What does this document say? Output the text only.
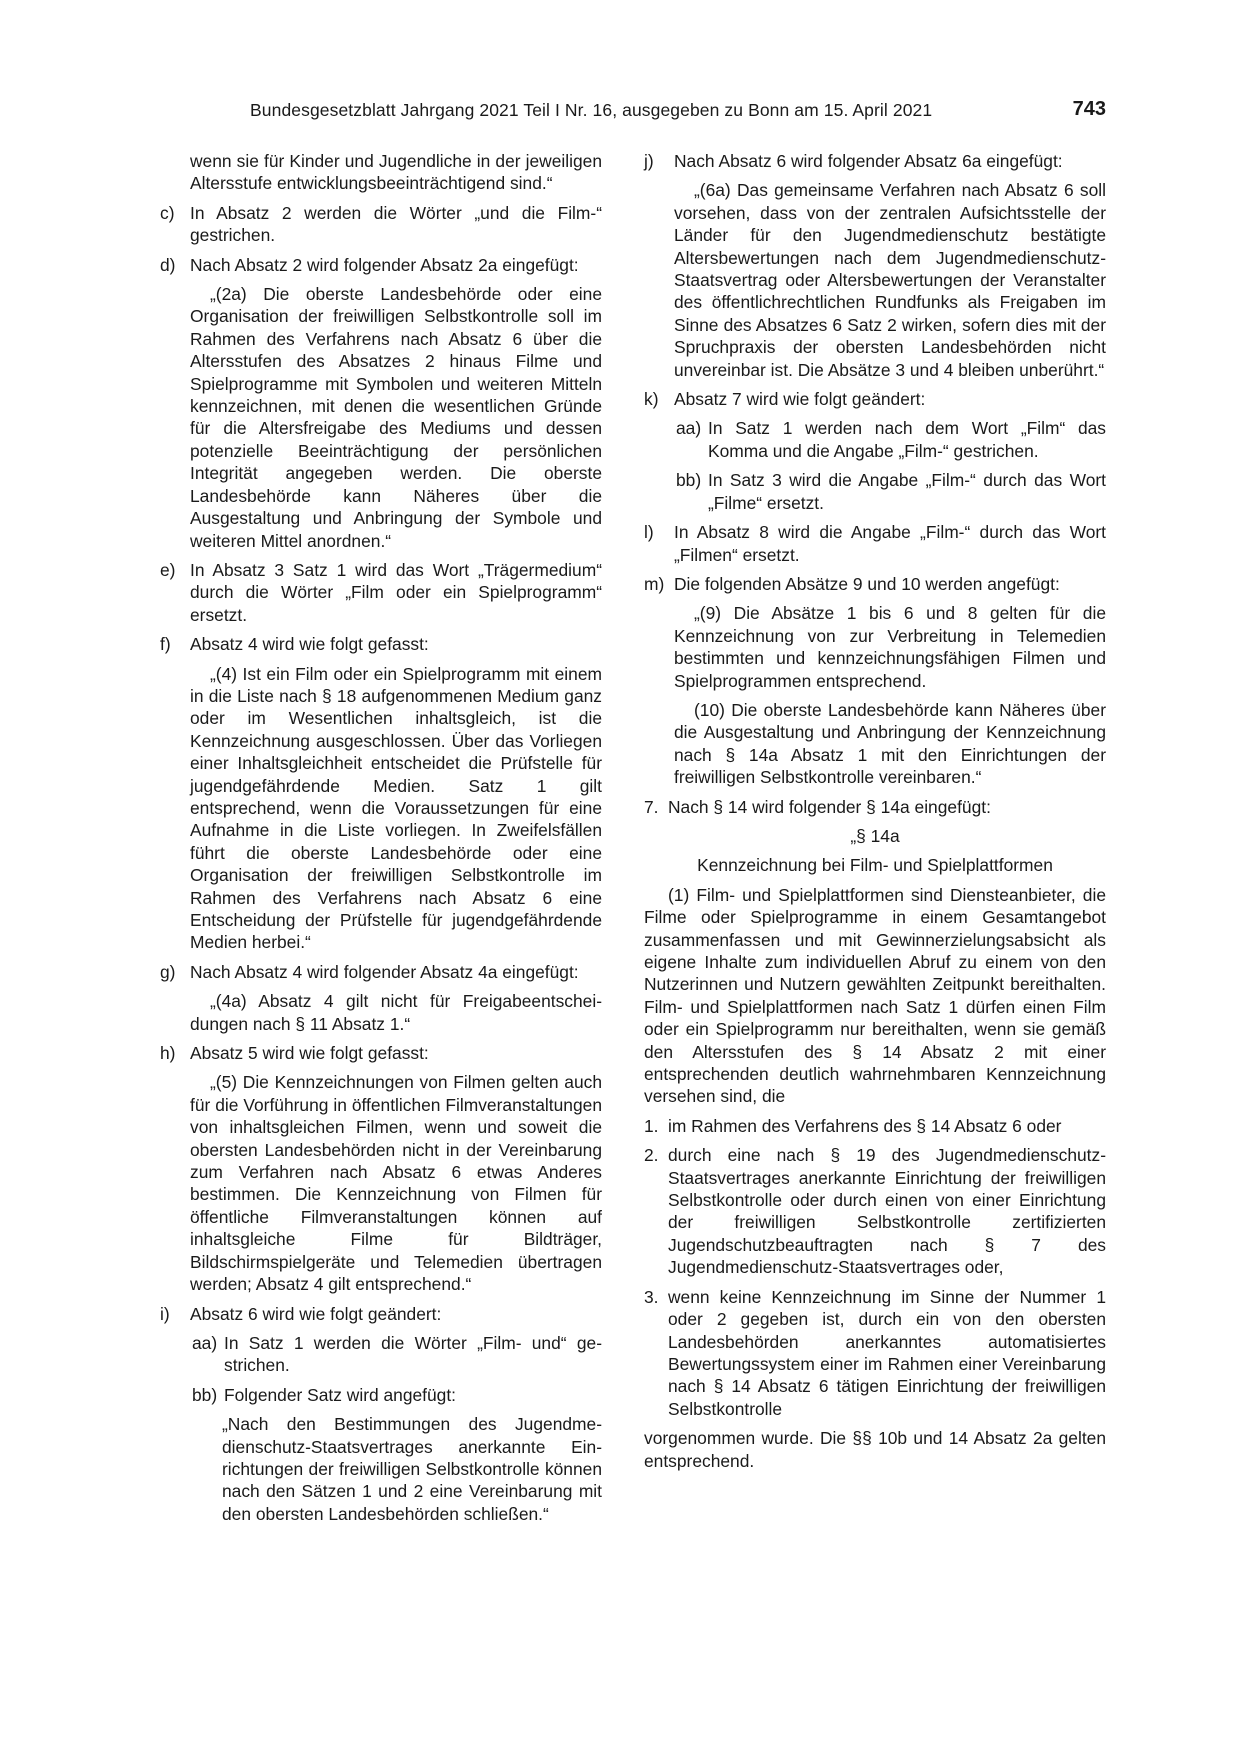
Bundesgesetzblatt Jahrgang 2021 Teil I Nr. 16, ausgegeben zu Bonn am 15. April 2021	743

wenn sie für Kinder und Jugendliche in der jeweiligen Altersstufe entwicklungsbeeinträchtigend sind.“

c) In Absatz 2 werden die Wörter „und die Film-“ gestrichen.

d) Nach Absatz 2 wird folgender Absatz 2a eingefügt:

„(2a) Die oberste Landesbehörde oder eine Organisation der freiwilligen Selbstkontrolle soll im Rahmen des Verfahrens nach Absatz 6 über die Altersstufen des Absatzes 2 hinaus Filme und Spielprogramme mit Symbolen und weiteren Mitteln kennzeichnen, mit denen die wesentlichen Gründe für die Altersfreigabe des Mediums und dessen potenzielle Beeinträchtigung der persönlichen Integrität angegeben werden. Die oberste Landesbehörde kann Näheres über die Ausgestaltung und Anbringung der Symbole und weiteren Mittel anordnen.“

e) In Absatz 3 Satz 1 wird das Wort „Trägermedium“ durch die Wörter „Film oder ein Spielprogramm“ ersetzt.

f) Absatz 4 wird wie folgt gefasst:

„(4) Ist ein Film oder ein Spielprogramm mit einem in die Liste nach § 18 aufgenommenen Medium ganz oder im Wesentlichen inhaltsgleich, ist die Kennzeichnung ausgeschlossen. Über das Vorliegen einer Inhaltsgleichheit entscheidet die Prüfstelle für jugendgefährdende Medien. Satz 1 gilt entsprechend, wenn die Voraussetzungen für eine Aufnahme in die Liste vorliegen. In Zweifelsfällen führt die oberste Landesbehörde oder eine Organisation der freiwilligen Selbstkontrolle im Rahmen des Verfahrens nach Absatz 6 eine Entscheidung der Prüfstelle für jugendgefährdende Medien herbei.“

g) Nach Absatz 4 wird folgender Absatz 4a eingefügt:

„(4a) Absatz 4 gilt nicht für Freigabeentscheidungen nach § 11 Absatz 1.“

h) Absatz 5 wird wie folgt gefasst:

„(5) Die Kennzeichnungen von Filmen gelten auch für die Vorführung in öffentlichen Filmveranstaltungen von inhaltsgleichen Filmen, wenn und soweit die obersten Landesbehörden nicht in der Vereinbarung zum Verfahren nach Absatz 6 etwas Anderes bestimmen. Die Kennzeichnung von Filmen für öffentliche Filmveranstaltungen können auf inhaltsgleiche Filme für Bildträger, Bildschirmspielgeräte und Telemedien übertragen werden; Absatz 4 gilt entsprechend.“

i) Absatz 6 wird wie folgt geändert:

aa) In Satz 1 werden die Wörter „Film- und“ gestrichen.

bb) Folgender Satz wird angefügt:

„Nach den Bestimmungen des Jugendmedienschutz-Staatsvertrages anerkannte Einrichtungen der freiwilligen Selbstkontrolle können nach den Sätzen 1 und 2 eine Vereinbarung mit den obersten Landesbehörden schließen.“

j) Nach Absatz 6 wird folgender Absatz 6a eingefügt:

„(6a) Das gemeinsame Verfahren nach Absatz 6 soll vorsehen, dass von der zentralen Aufsichtsstelle der Länder für den Jugendmedienschutz bestätigte Altersbewertungen nach dem Jugendmedienschutz-Staatsvertrag oder Altersbewertungen der Veranstalter des öffentlichrechtlichen Rundfunks als Freigaben im Sinne des Absatzes 6 Satz 2 wirken, sofern dies mit der Spruchpraxis der obersten Landesbehörden nicht unvereinbar ist. Die Absätze 3 und 4 bleiben unberührt.“

k) Absatz 7 wird wie folgt geändert:

aa) In Satz 1 werden nach dem Wort „Film“ das Komma und die Angabe „Film-“ gestrichen.

bb) In Satz 3 wird die Angabe „Film-“ durch das Wort „Filme“ ersetzt.

l) In Absatz 8 wird die Angabe „Film-“ durch das Wort „Filmen“ ersetzt.

m) Die folgenden Absätze 9 und 10 werden angefügt:

„(9) Die Absätze 1 bis 6 und 8 gelten für die Kennzeichnung von zur Verbreitung in Telemedien bestimmten und kennzeichnungsfähigen Filmen und Spielprogrammen entsprechend.

(10) Die oberste Landesbehörde kann Näheres über die Ausgestaltung und Anbringung der Kennzeichnung nach § 14a Absatz 1 mit den Einrichtungen der freiwilligen Selbstkontrolle vereinbaren.“

7. Nach § 14 wird folgender § 14a eingefügt:

„§ 14a

Kennzeichnung bei Film- und Spielplattformen

(1) Film- und Spielplattformen sind Diensteanbieter, die Filme oder Spielprogramme in einem Gesamtangebot zusammenfassen und mit Gewinnerzielungsabsicht als eigene Inhalte zum individuellen Abruf zu einem von den Nutzerinnen und Nutzern gewählten Zeitpunkt bereithalten. Film- und Spielplattformen nach Satz 1 dürfen einen Film oder ein Spielprogramm nur bereithalten, wenn sie gemäß den Altersstufen des § 14 Absatz 2 mit einer entsprechenden deutlich wahrnehmbaren Kennzeichnung versehen sind, die

1. im Rahmen des Verfahrens des § 14 Absatz 6 oder

2. durch eine nach § 19 des Jugendmedienschutz-Staatsvertrages anerkannte Einrichtung der freiwilligen Selbstkontrolle oder durch einen von einer Einrichtung der freiwilligen Selbstkontrolle zertifizierten Jugendschutzbeauftragten nach § 7 des Jugendmedienschutz-Staatsvertrages oder,

3. wenn keine Kennzeichnung im Sinne der Nummer 1 oder 2 gegeben ist, durch ein von den obersten Landesbehörden anerkanntes automatisiertes Bewertungssystem einer im Rahmen einer Vereinbarung nach § 14 Absatz 6 tätigen Einrichtung der freiwilligen Selbstkontrolle

vorgenommen wurde. Die §§ 10b und 14 Absatz 2a gelten entsprechend.
